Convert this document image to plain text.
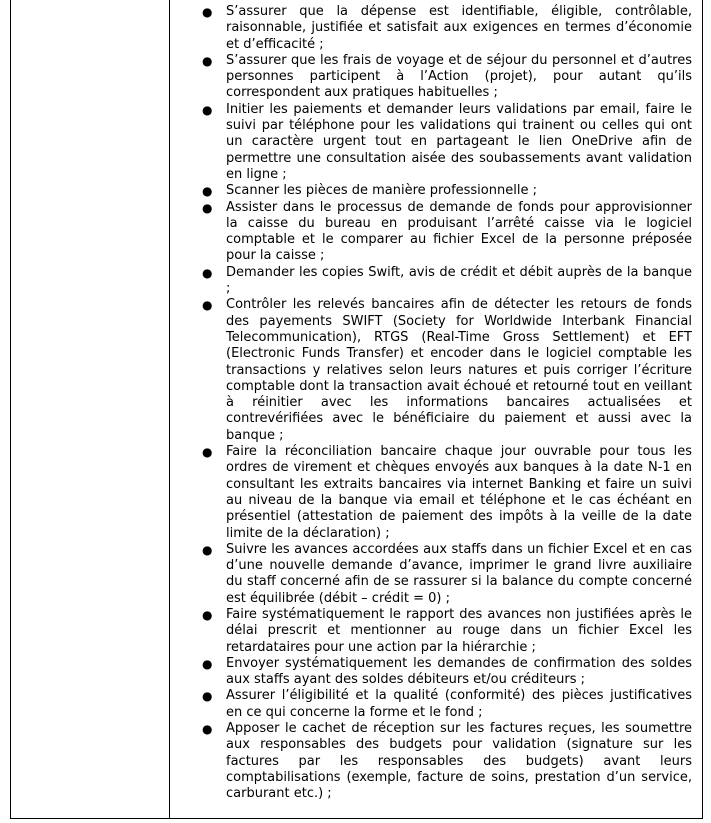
● S’assurer que la dépense est identifiable, éligible, contrôlable, raisonnable, justifiée et satisfait aux exigences en termes d’économie et d’efficacité ;
● S’assurer que les frais de voyage et de séjour du personnel et d’autres personnes participent à l’Action (projet), pour autant qu’ils correspondent aux pratiques habituelles ;
● Initier les paiements et demander leurs validations par email, faire le suivi par téléphone pour les validations qui trainent ou celles qui ont un caractère urgent tout en partageant le lien OneDrive afin de permettre une consultation aisée des soubassements avant validation en ligne ;
● Scanner les pièces de manière professionnelle ;
● Assister dans le processus de demande de fonds pour approvisionner la caisse du bureau en produisant l’arrêté caisse via le logiciel comptable et le comparer au fichier Excel de la personne préposée pour la caisse ;
● Demander les copies Swift, avis de crédit et débit auprès de la banque ;
● Contrôler les relevés bancaires afin de détecter les retours de fonds des payements SWIFT (Society for Worldwide Interbank Financial Telecommunication), RTGS (Real-Time Gross Settlement) et EFT (Electronic Funds Transfer) et encoder dans le logiciel comptable les transactions y relatives selon leurs natures et puis corriger l’écriture comptable dont la transaction avait échoué et retourné tout en veillant à réinitier avec les informations bancaires actualisées et contrevérifiées avec le bénéficiaire du paiement et aussi avec la banque ;
● Faire la réconciliation bancaire chaque jour ouvrable pour tous les ordres de virement et chèques envoyés aux banques à la date N-1 en consultant les extraits bancaires via internet Banking et faire un suivi au niveau de la banque via email et téléphone et le cas échéant en présentiel (attestation de paiement des impôts à la veille de la date limite de la déclaration) ;
● Suivre les avances accordées aux staffs dans un fichier Excel et en cas d’une nouvelle demande d’avance, imprimer le grand livre auxiliaire du staff concerné afin de se rassurer si la balance du compte concerné est équilibrée (débit – crédit = 0) ;
● Faire systématiquement le rapport des avances non justifiées après le délai prescrit et mentionner au rouge dans un fichier Excel les retardataires pour une action par la hiérarchie ;
● Envoyer systématiquement les demandes de confirmation des soldes aux staffs ayant des soldes débiteurs et/ou créditeurs ;
● Assurer l’éligibilité et la qualité (conformité) des pièces justificatives en ce qui concerne la forme et le fond ;
● Apposer le cachet de réception sur les factures reçues, les soumettre aux responsables des budgets pour validation (signature sur les factures par les responsables des budgets) avant leurs comptabilisations (exemple, facture de soins, prestation d’un service, carburant etc.) ;
